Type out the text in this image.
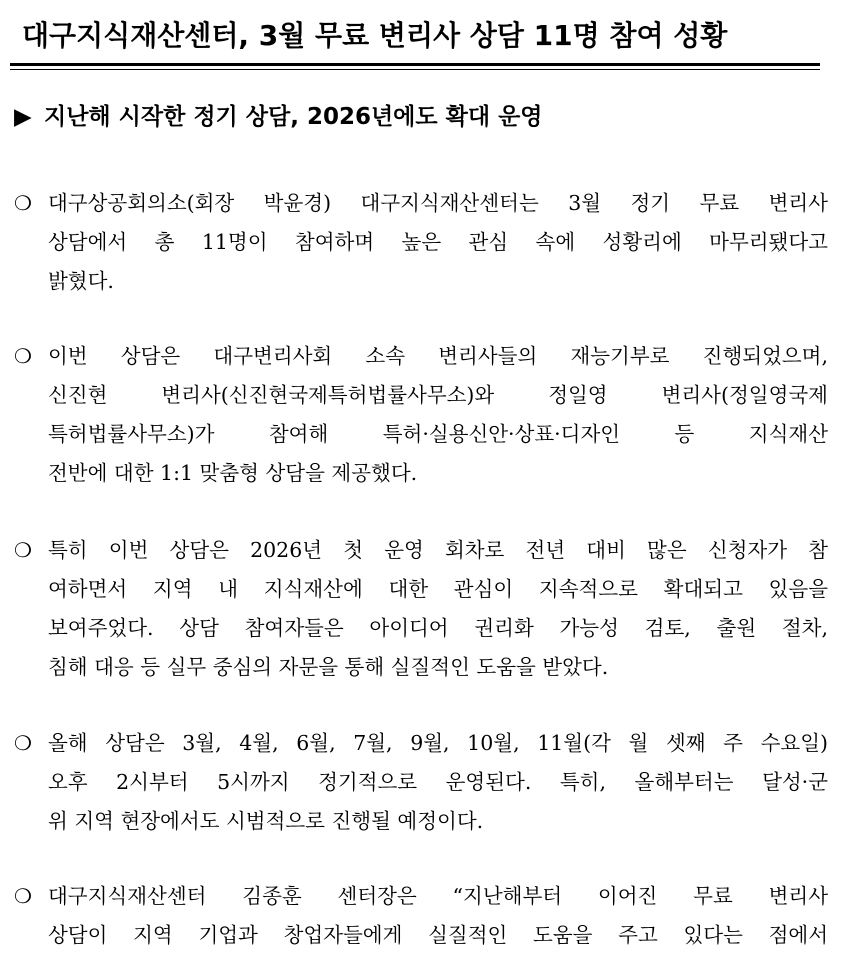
대구지식재산센터, 3월 무료 변리사 상담 11명 참여 성황
▶ 지난해 시작한 정기 상담, 2026년에도 확대 운영
❍ 대구상공회의소(회장 박윤경) 대구지식재산센터는 3월 정기 무료 변리사
상담에서 총 11명이 참여하며 높은 관심 속에 성황리에 마무리됐다고
밝혔다.
❍ 이번 상담은 대구변리사회 소속 변리사들의 재능기부로 진행되었으며,
신진현 변리사(신진현국제특허법률사무소)와 정일영 변리사(정일영국제
특허법률사무소)가 참여해 특허·실용신안·상표·디자인 등 지식재산
전반에 대한 1:1 맞춤형 상담을 제공했다.
❍ 특히 이번 상담은 2026년 첫 운영 회차로 전년 대비 많은 신청자가 참
여하면서 지역 내 지식재산에 대한 관심이 지속적으로 확대되고 있음을
보여주었다. 상담 참여자들은 아이디어 권리화 가능성 검토, 출원 절차,
침해 대응 등 실무 중심의 자문을 통해 실질적인 도움을 받았다.
❍ 올해 상담은 3월, 4월, 6월, 7월, 9월, 10월, 11월(각 월 셋째 주 수요일)
오후 2시부터 5시까지 정기적으로 운영된다. 특히, 올해부터는 달성·군
위 지역 현장에서도 시범적으로 진행될 예정이다.
❍ 대구지식재산센터 김종훈 센터장은 “지난해부터 이어진 무료 변리사
상담이 지역 기업과 창업자들에게 실질적인 도움을 주고 있다는 점에서
